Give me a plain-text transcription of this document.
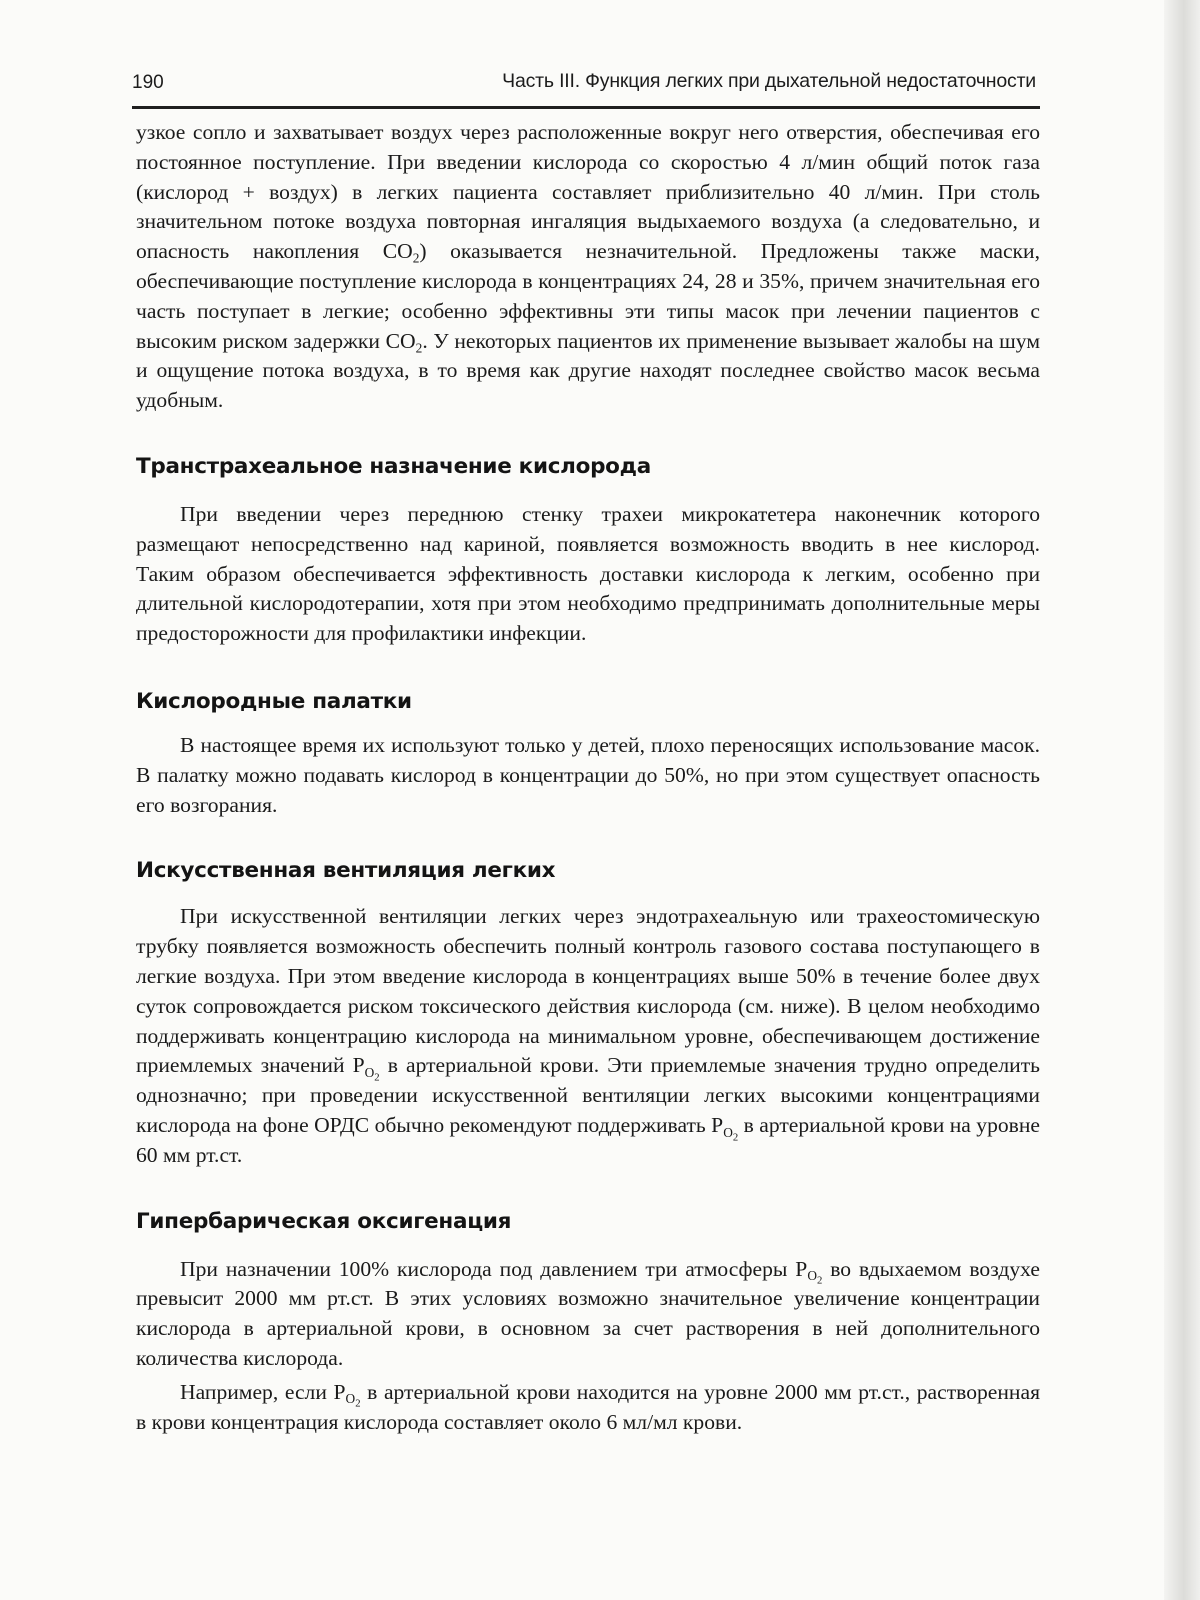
190	Часть III. Функция легких при дыхательной недостаточности

узкое сопло и захватывает воздух через расположенные вокруг него отверстия, обеспечивая его постоянное поступление. При введении кислорода со скоростью 4 л/мин общий поток газа (кислород + воздух) в легких пациента составляет приблизительно 40 л/мин. При столь значительном потоке воздуха повторная ингаляция выдыхаемого воздуха (а следовательно, и опасность накопления $CO_2$) оказывается незначительной. Предложены также маски, обеспечивающие поступление кислорода в концентрациях 24, 28 и 35%, причем значительная его часть поступает в легкие; особенно эффективны эти типы масок при лечении пациентов с высоким риском задержки $CO_2$. У некоторых пациентов их применение вызывает жалобы на шум и ощущение потока воздуха, в то время как другие находят последнее свойство масок весьма удобным.

Транстрахеальное назначение кислорода

При введении через переднюю стенку трахеи микрокатетера наконечник которого размещают непосредственно над кариной, появляется возможность вводить в нее кислород. Таким образом обеспечивается эффективность доставки кислорода к легким, особенно при длительной кислородотерапии, хотя при этом необходимо предпринимать дополнительные меры предосторожности для профилактики инфекции.

Кислородные палатки

В настоящее время их используют только у детей, плохо переносящих использование масок. В палатку можно подавать кислород в концентрации до 50%, но при этом существует опасность его возгорания.

Искусственная вентиляция легких

При искусственной вентиляции легких через эндотрахеальную или трахеостомическую трубку появляется возможность обеспечить полный контроль газового состава поступающего в легкие воздуха. При этом введение кислорода в концентрациях выше 50% в течение более двух суток сопровождается риском токсического действия кислорода (см. ниже). В целом необходимо поддерживать концентрацию кислорода на минимальном уровне, обеспечивающем достижение приемлемых значений $P_{O_2}$ в артериальной крови. Эти приемлемые значения трудно определить однозначно; при проведении искусственной вентиляции легких высокими концентрациями кислорода на фоне ОРДС обычно рекомендуют поддерживать $P_{O_2}$ в артериальной крови на уровне 60 мм рт.ст.

Гипербарическая оксигенация

При назначении 100% кислорода под давлением три атмосферы $P_{O_2}$ во вдыхаемом воздухе превысит 2000 мм рт.ст. В этих условиях возможно значительное увеличение концентрации кислорода в артериальной крови, в основном за счет растворения в ней дополнительного количества кислорода.

Например, если $P_{O_2}$ в артериальной крови находится на уровне 2000 мм рт.ст., растворенная в крови концентрация кислорода составляет около 6 мл/мл крови.
